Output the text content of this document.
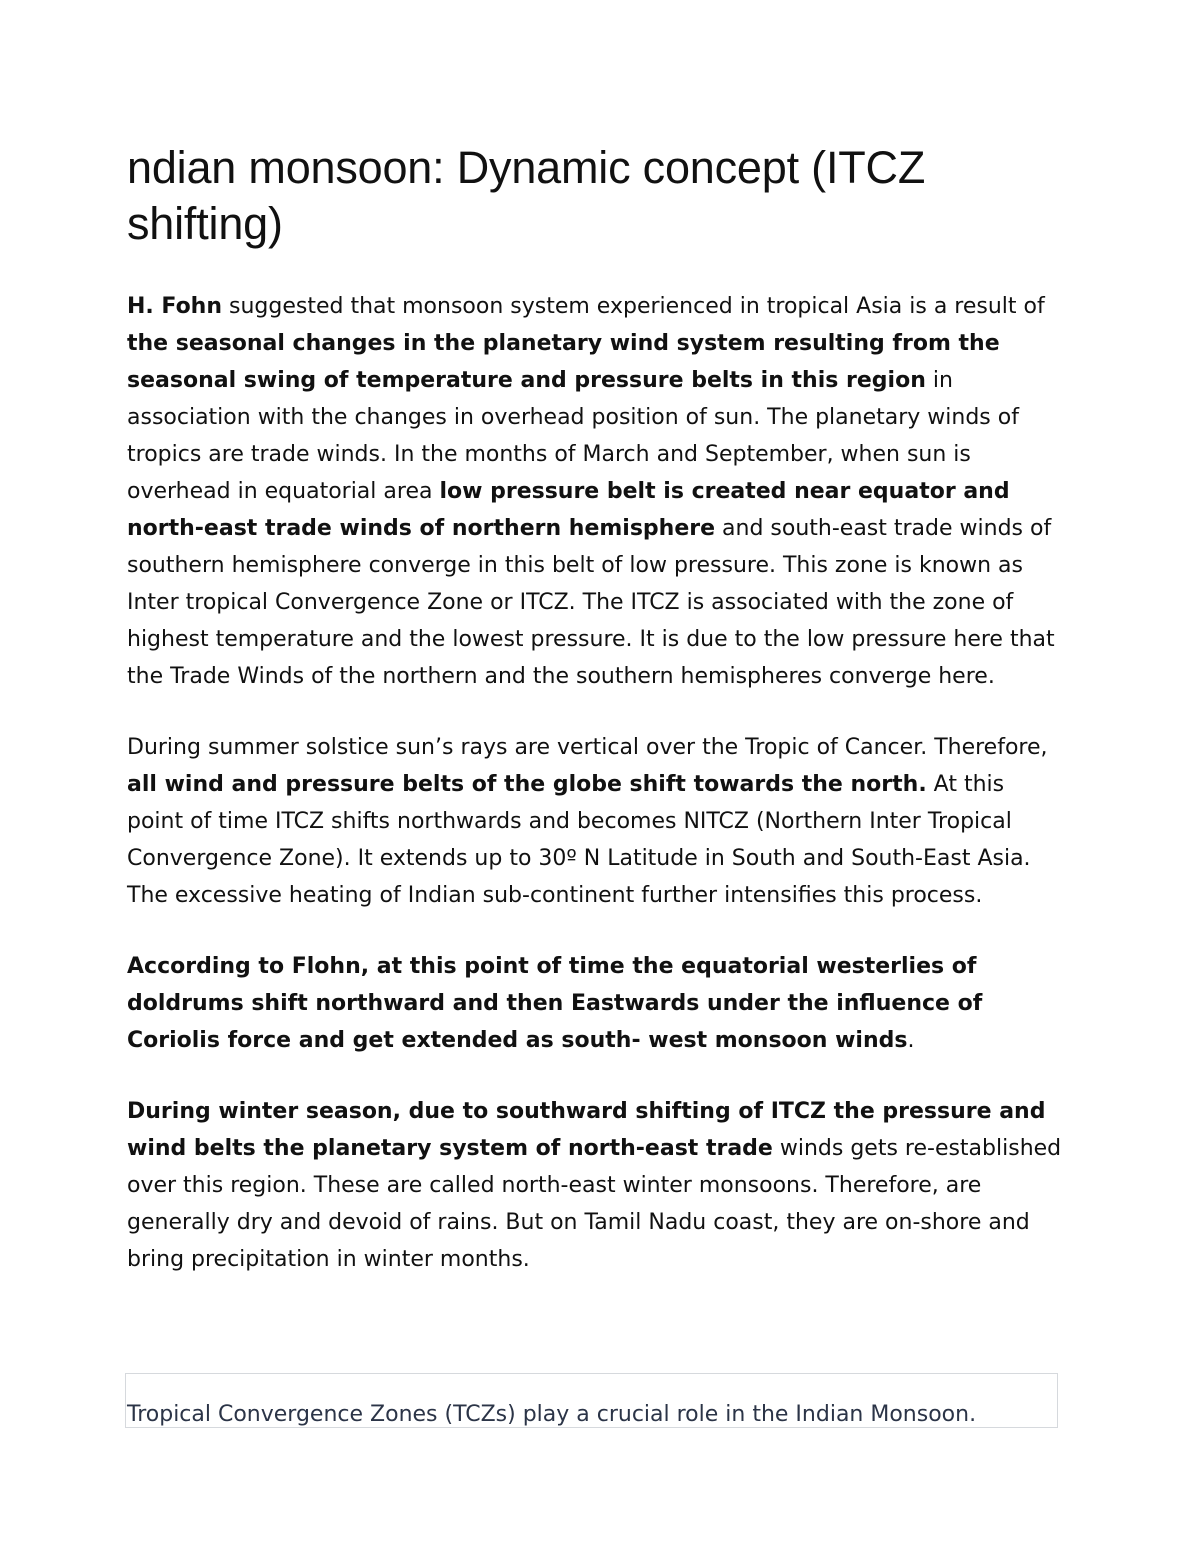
ndian monsoon: Dynamic concept (ITCZ shifting)

H. Fohn suggested that monsoon system experienced in tropical Asia is a result of the seasonal changes in the planetary wind system resulting from the seasonal swing of temperature and pressure belts in this region in association with the changes in overhead position of sun. The planetary winds of tropics are trade winds. In the months of March and September, when sun is overhead in equatorial area low pressure belt is created near equator and north-east trade winds of northern hemisphere and south-east trade winds of southern hemisphere converge in this belt of low pressure. This zone is known as Inter tropical Convergence Zone or ITCZ. The ITCZ is associated with the zone of highest temperature and the lowest pressure. It is due to the low pressure here that the Trade Winds of the northern and the southern hemispheres converge here.

During summer solstice sun’s rays are vertical over the Tropic of Cancer. Therefore, all wind and pressure belts of the globe shift towards the north. At this point of time ITCZ shifts northwards and becomes NITCZ (Northern Inter Tropical Convergence Zone). It extends up to 30º N Latitude in South and South-East Asia. The excessive heating of Indian sub-continent further intensifies this process.

According to Flohn, at this point of time the equatorial westerlies of doldrums shift northward and then Eastwards under the influence of Coriolis force and get extended as south- west monsoon winds.

During winter season, due to southward shifting of ITCZ the pressure and wind belts the planetary system of north-east trade winds gets re-established over this region. These are called north-east winter monsoons. Therefore, are generally dry and devoid of rains. But on Tamil Nadu coast, they are on-shore and bring precipitation in winter months.

Tropical Convergence Zones (TCZs) play a crucial role in the Indian Monsoon.
